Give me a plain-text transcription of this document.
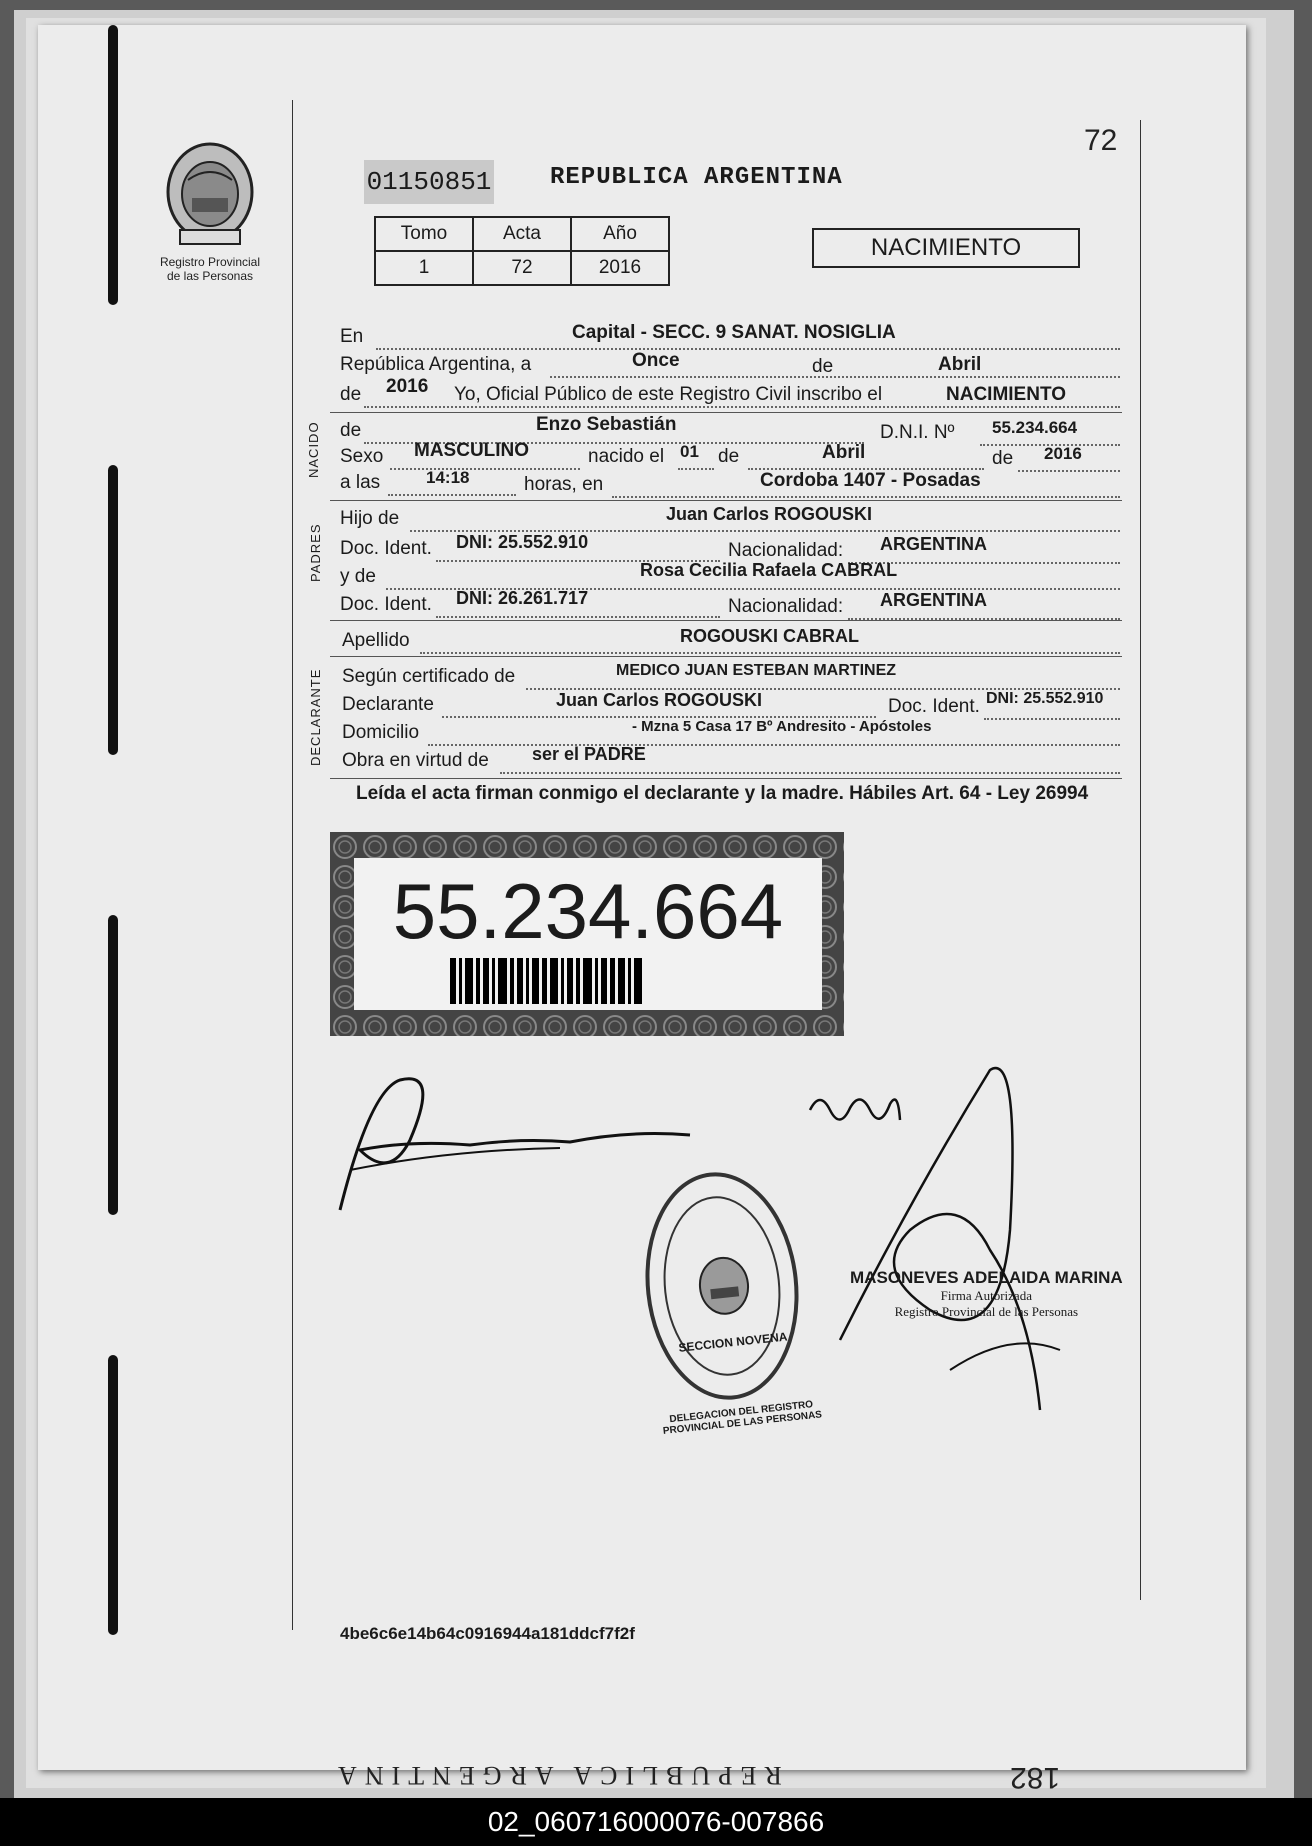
Registro Provincial
de las Personas
72
01150851 REPUBLICA ARGENTINA
Tomo	Acta	Año
1	72	2016
NACIMIENTO
En	Capital - SECC. 9 SANAT. NOSIGLIA
República Argentina, a	Once	de	Abril
de 2016 Yo, Oficial Público de este Registro Civil inscribo el	NACIMIENTO
NACIDO de	Enzo Sebastián	D.N.I. Nº 55.234.664
Sexo MASCULINO	nacido el 01 de	Abril	de 2016
a las	14:18	horas, en	Cordoba 1407 - Posadas
PADRES
Hijo de	Juan Carlos ROGOUSKI
Doc. Ident. DNI: 25.552.910	Nacionalidad: ARGENTINA
y de	Rosa Cecilia Rafaela CABRAL
Doc. Ident. DNI: 26.261.717	Nacionalidad: ARGENTINA
Apellido	ROGOUSKI CABRAL
DECLARANTE Según certificado de	MEDICO JUAN ESTEBAN MARTINEZ
Declarante	Juan Carlos ROGOUSKI	Doc. Ident. DNI: 25.552.910
Domicilio	- Mzna 5 Casa 17 Bº Andresito - Apóstoles
Obra en virtud de ser el PADRE
Leída el acta firman conmigo el declarante y la madre. Hábiles Art. 64 - Ley 26994
55.234.664
DELEGACION DEL REGISTRO PROVINCIAL DE LAS PERSONAS
SECCION NOVENA
MASONEVES ADELAIDA MARINA
Firma Autorizada
Registro Provincial de las Personas
4be6c6e14b64c0916944a181ddcf7f2f
REPUBLICA ARGENTINA	182
02_060716000076-007866
